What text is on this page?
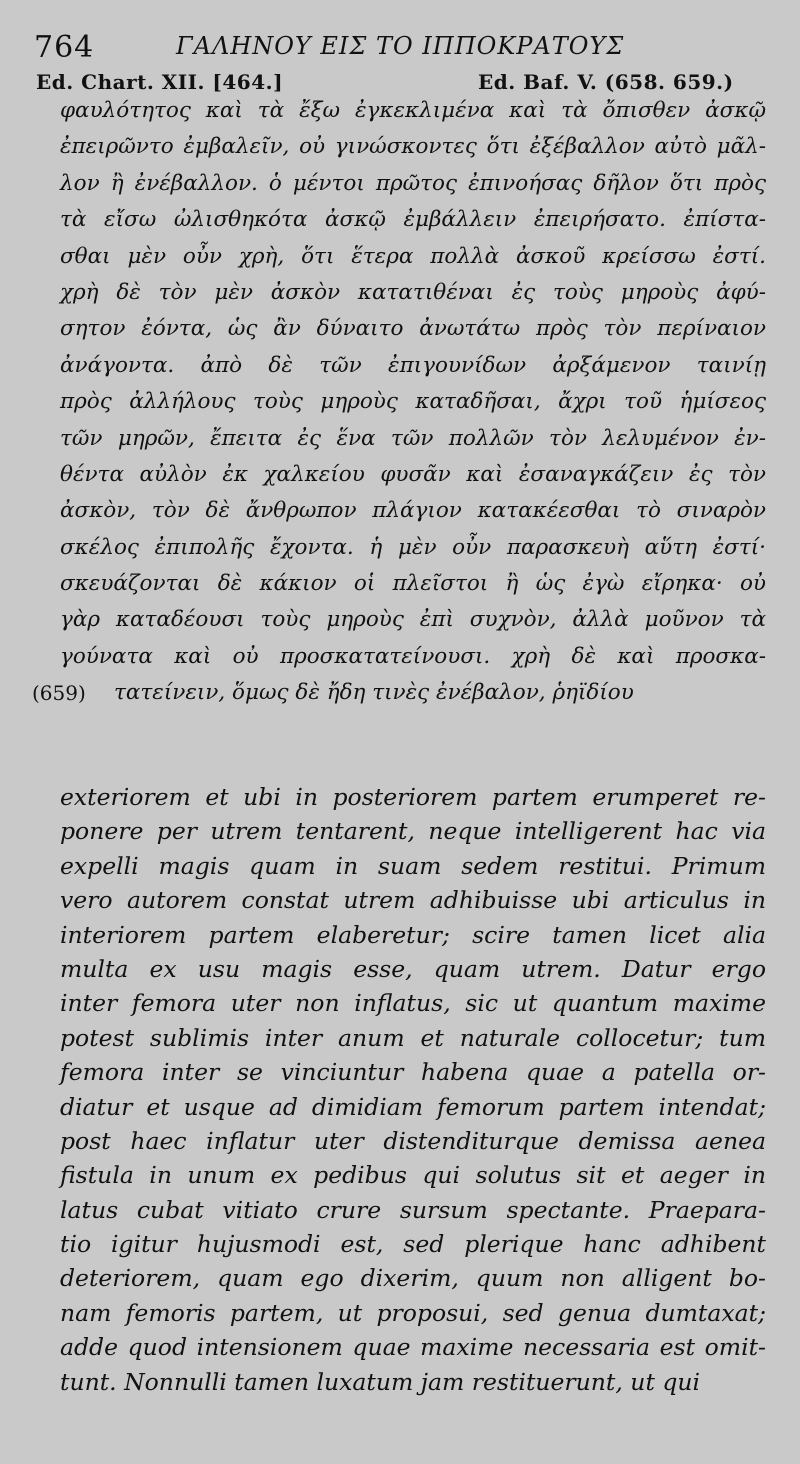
764	ΓΑΛΗΝΟΥ ΕΙΣ ΤΟ ΙΠΠΟΚΡΑΤΟΥΣ
Ed. Chart. XII. [464.]	Ed. Baf. V. (658. 659.)
φαυλότητος καὶ τὰ ἔξω ἐγκεκλιμένα καὶ τὰ ὄπισθεν ἀσκῷ
ἐπειρῶντο ἐμβαλεῖν, οὐ γινώσκοντες ὅτι ἐξέβαλλον αὐτὸ μᾶλ-
λον ἢ ἐνέβαλλον. ὁ μέντοι πρῶτος ἐπινοήσας δῆλον ὅτι πρὸς
τὰ εἴσω ὠλισθηκότα ἀσκῷ ἐμβάλλειν ἐπειρήσατο. ἐπίστα-
σθαι μὲν οὖν χρὴ, ὅτι ἕτερα πολλὰ ἀσκοῦ κρείσσω ἐστί.
χρὴ δὲ τὸν μὲν ἀσκὸν κατατιθέναι ἐς τοὺς μηροὺς ἀφύ-
σητον ἐόντα, ὡς ἂν δύναιτο ἀνωτάτω πρὸς τὸν περίναιον
ἀνάγοντα. ἀπὸ δὲ τῶν ἐπιγουνίδων ἀρξάμενον ταινίῃ
πρὸς ἀλλήλους τοὺς μηροὺς καταδῆσαι, ἄχρι τοῦ ἡμίσεος
τῶν μηρῶν, ἔπειτα ἐς ἕνα τῶν πολλῶν τὸν λελυμένον ἐν-
θέντα αὐλὸν ἐκ χαλκείου φυσᾶν καὶ ἐσαναγκάζειν ἐς τὸν
ἀσκὸν, τὸν δὲ ἄνθρωπον πλάγιον κατακέεσθαι τὸ σιναρὸν
σκέλος ἐπιπολῆς ἔχοντα. ἡ μὲν οὖν παρασκευὴ αὕτη ἐστί·
σκευάζονται δὲ κάκιον οἱ πλεῖστοι ἢ ὡς ἐγὼ εἴρηκα· οὐ
γὰρ καταδέουσι τοὺς μηροὺς ἐπὶ συχνὸν, ἀλλὰ μοῦνον τὰ
γούνατα καὶ οὐ προσκατατείνουσι. χρὴ δὲ καὶ προσκα-
(659) τατείνειν, ὅμως δὲ ἤδη τινὲς ἐνέβαλον, ῥηϊδίου
exteriorem et ubi in posteriorem partem erumperet re-
ponere per utrem tentarent, neque intelligerent hac via
expelli magis quam in suam sedem restitui. Primum
vero autorem constat utrem adhibuisse ubi articulus in
interiorem partem elaberetur; scire tamen licet alia
multa ex usu magis esse, quam utrem. Datur ergo
inter femora uter non inflatus, sic ut quantum maxime
potest sublimis inter anum et naturale collocetur; tum
femora inter se vinciuntur habena quae a patella or-
diatur et usque ad dimidiam femorum partem intendat;
post haec inflatur uter distenditurque demissa aenea
fistula in unum ex pedibus qui solutus sit et aeger in
latus cubat vitiato crure sursum spectante. Praepara-
tio igitur hujusmodi est, sed plerique hanc adhibent
deteriorem, quam ego dixerim, quum non alligent bo-
nam femoris partem, ut proposui, sed genua dumtaxat;
adde quod intensionem quae maxime necessaria est omit-
tunt. Nonnulli tamen luxatum jam restituerunt, ut qui
